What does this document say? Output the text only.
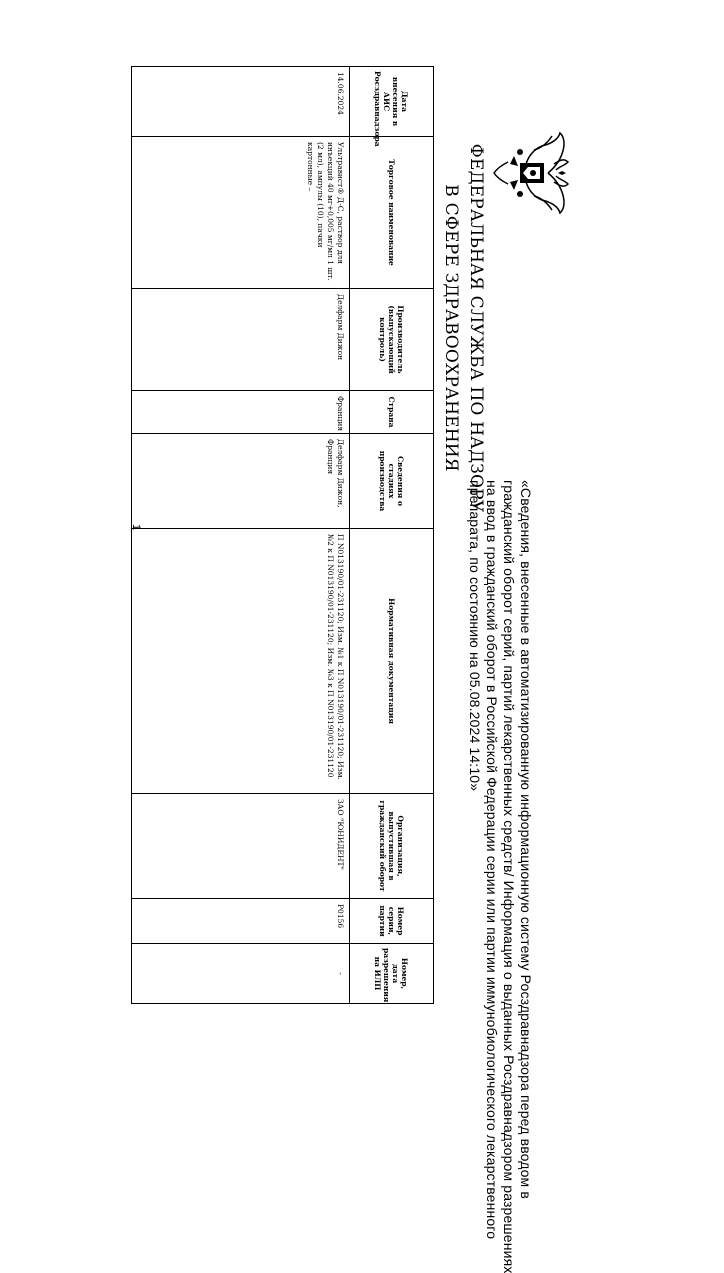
ФЕДЕРАЛЬНАЯ СЛУЖБА ПО НАДЗОРУ
В СФЕРЕ ЗДРАВООХРАНЕНИЯ

«Сведения, внесенные в автоматизированную информационную систему Росздравнадзора перед вводом в

гражданский оборот серий, партий лекарственных средств/ Информация о выданных Росздравнадзором разрешениях

на ввод в гражданский оборот в Российской Федерации серии или партии иммунобиологического лекарственного

препарата, по состоянию на 05.08.2024 14:10»

Дата внесения в АИС Росздравнадзора	Торговое наименование	Производитель (выпускающий контроль)	Страна	Сведения о стадиях производства	Нормативная документация	Организация, выпустившая в гражданский оборот	Номер серии, партии	Номер, дата разрешения на ИЛП
14.06.2024	Ультравист® Д-С, раствор для инъекций 40 мг+0,005 мг/мл 1 шт. (2 мл), ампулы (10), пачки картонные –	Делфарм Дижон	Франция	Делфарм Дижон, Франция	П N013190/01-231120; Изм. №1 к П N013190/01-231120; Изм. №2 к П N013190/01-231120; Изм. №3 к П N013190/01-231120	ЗАО "ЮНИДЕНТ"	P0156	-
1
